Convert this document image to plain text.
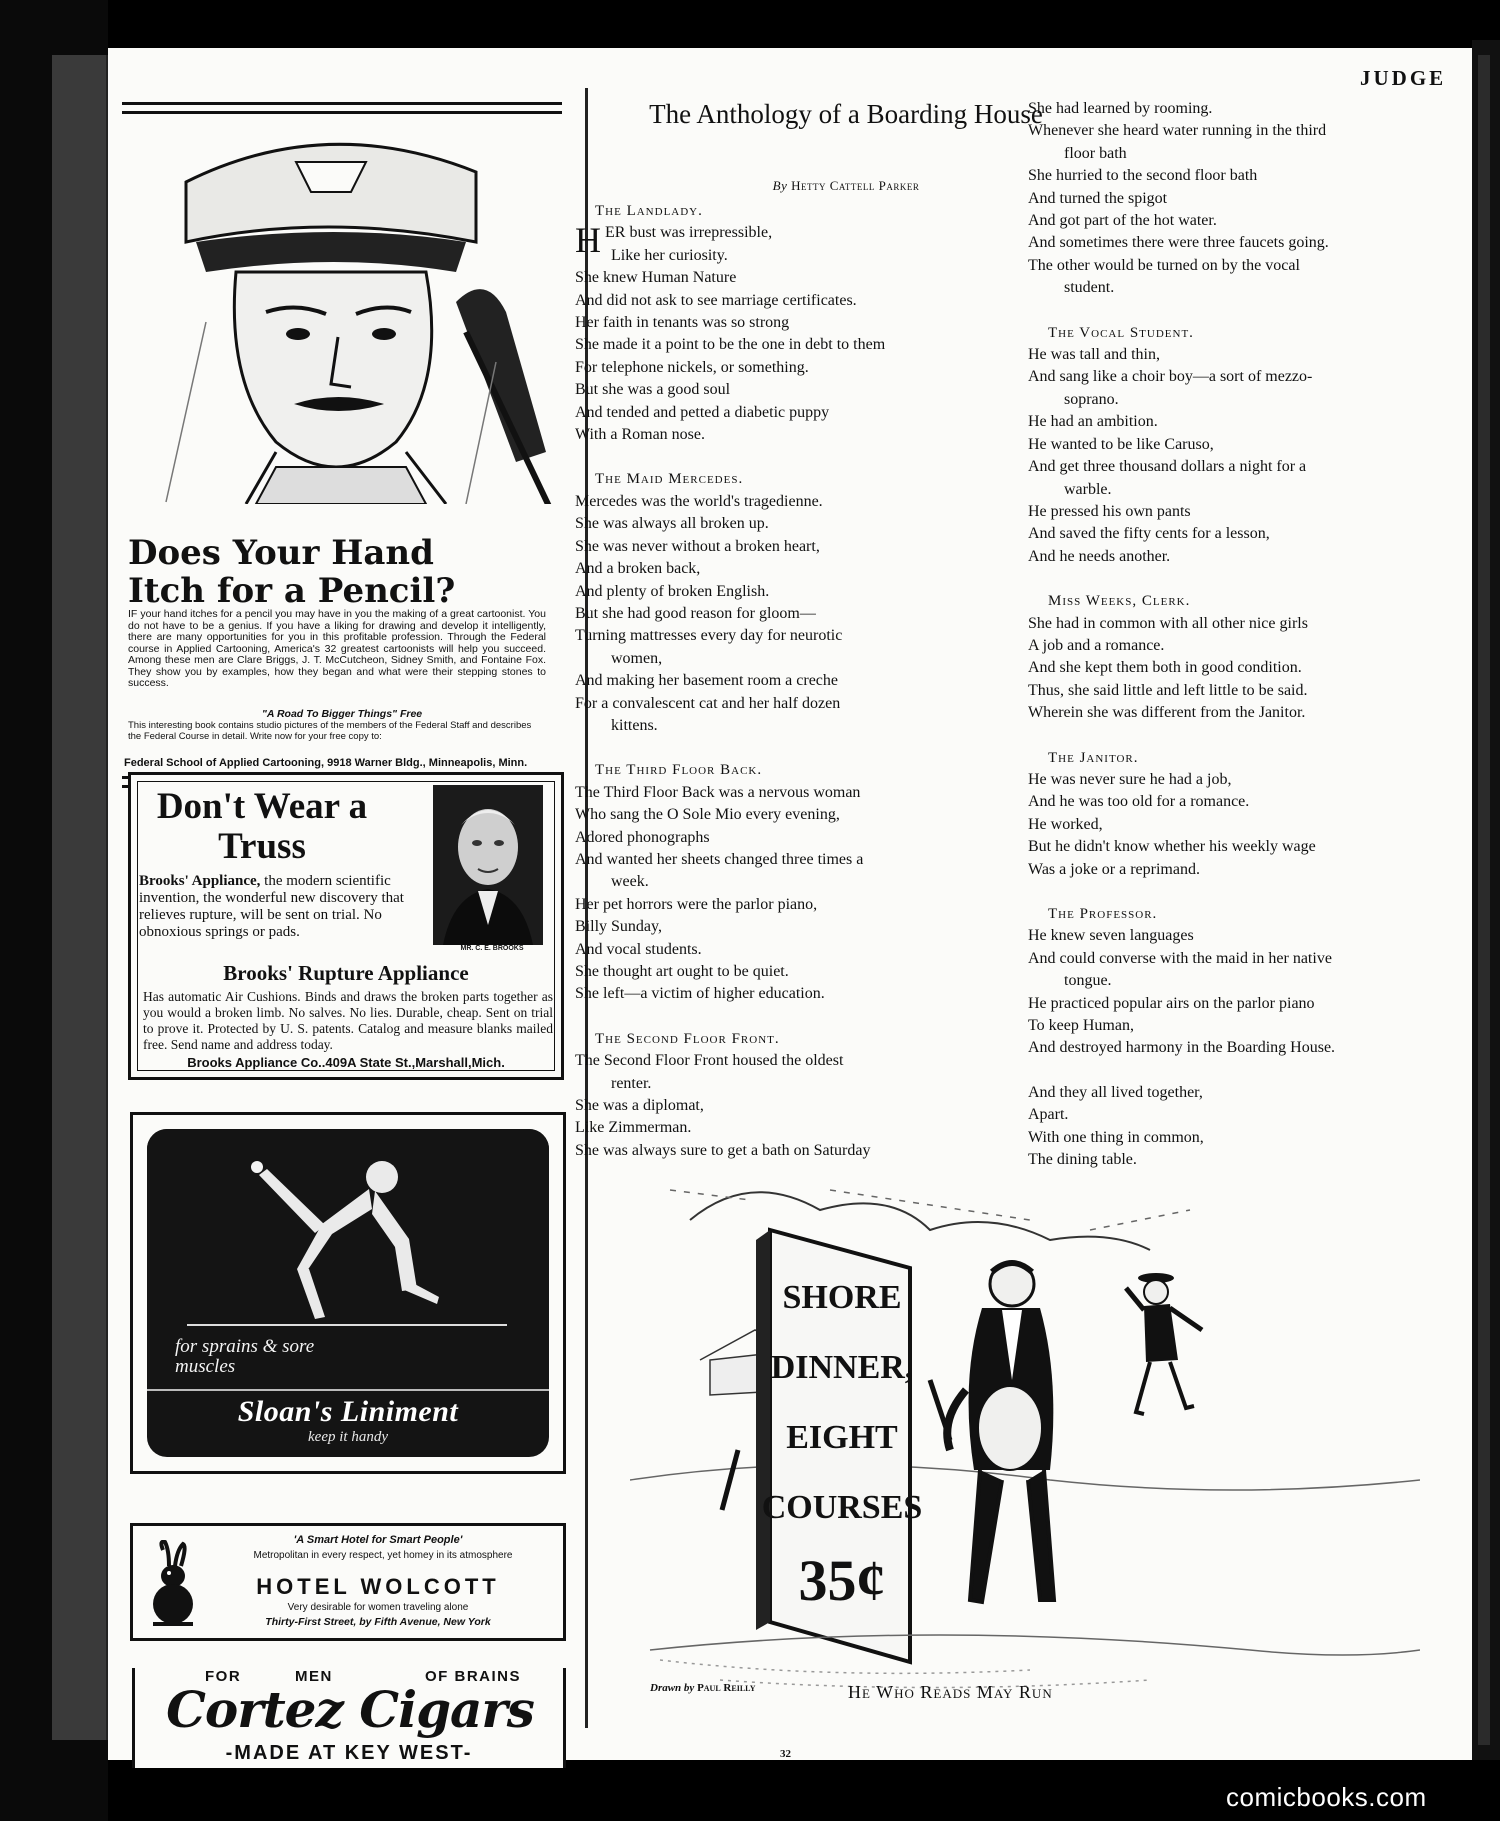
JUDGE
Does Your Hand Itch for a Pencil?
IF your hand itches for a pencil you may have in you the making of a great cartoonist. You do not have to be a genius. If you have a liking for drawing and develop it intelligently, there are many opportunities for you in this profitable profession. Through the Federal course in Applied Cartooning, America's 32 greatest cartoonists will help you succeed. Among these men are Clare Briggs, J. T. McCutcheon, Sidney Smith, and Fontaine Fox. They show you by examples, how they began and what were their stepping stones to success.
"A Road To Bigger Things" Free
This interesting book contains studio pictures of the members of the Federal Staff and describes the Federal Course in detail. Write now for your free copy to:
Federal School of Applied Cartooning, 9918 Warner Bldg., Minneapolis, Minn.
Don't Wear a Truss
MR. C. E. BROOKS
Brooks' Appliance, the modern scientific invention, the wonderful new discovery that relieves rupture, will be sent on trial. No obnoxious springs or pads.
Brooks' Rupture Appliance
Has automatic Air Cushions. Binds and draws the broken parts together as you would a broken limb. No salves. No lies. Durable, cheap. Sent on trial to prove it. Protected by U. S. patents. Catalog and measure blanks mailed free. Send name and address today.
Brooks Appliance Co..409A State St.,Marshall,Mich.
for sprains & sore muscles
Sloan's Liniment
keep it handy
'A Smart Hotel for Smart People'
Metropolitan in every respect, yet homey in its atmosphere
HOTEL WOLCOTT
Very desirable for women traveling alone
Thirty-First Street, by Fifth Avenue, New York
FOR	MEN	OF BRAINS
Cortez Cigars
-MADE AT KEY WEST-
The Anthology of a Boarding House
By Hetty Cattell Parker
The Landlady.
HER bust was irrepressible,
Like her curiosity.
She knew Human Nature
And did not ask to see marriage certificates.
Her faith in tenants was so strong
She made it a point to be the one in debt to them
For telephone nickels, or something.
But she was a good soul
And tended and petted a diabetic puppy
With a Roman nose.
The Maid Mercedes.
Mercedes was the world's tragedienne.
She was always all broken up.
She was never without a broken heart,
And a broken back,
And plenty of broken English.
But she had good reason for gloom—
Turning mattresses every day for neurotic
women,
And making her basement room a creche
For a convalescent cat and her half dozen
kittens.
The Third Floor Back.
The Third Floor Back was a nervous woman
Who sang the O Sole Mio every evening,
Adored phonographs
And wanted her sheets changed three times a
week.
Her pet horrors were the parlor piano,
Billy Sunday,
And vocal students.
She thought art ought to be quiet.
She left—a victim of higher education.
The Second Floor Front.
The Second Floor Front housed the oldest
renter.
She was a diplomat,
Like Zimmerman.
She was always sure to get a bath on Saturday
She had learned by rooming.
Whenever she heard water running in the third
floor bath
She hurried to the second floor bath
And turned the spigot
And got part of the hot water.
And sometimes there were three faucets going.
The other would be turned on by the vocal
student.
The Vocal Student.
He was tall and thin,
And sang like a choir boy—a sort of mezzo-
soprano.
He had an ambition.
He wanted to be like Caruso,
And get three thousand dollars a night for a
warble.
He pressed his own pants
And saved the fifty cents for a lesson,
And he needs another.
Miss Weeks, Clerk.
She had in common with all other nice girls
A job and a romance.
And she kept them both in good condition.
Thus, she said little and left little to be said.
Wherein she was different from the Janitor.
The Janitor.
He was never sure he had a job,
And he was too old for a romance.
He worked,
But he didn't know whether his weekly wage
Was a joke or a reprimand.
The Professor.
He knew seven languages
And could converse with the maid in her native
tongue.
He practiced popular airs on the parlor piano
To keep Human,
And destroyed harmony in the Boarding House.
And they all lived together,
Apart.
With one thing in common,
The dining table.
SHORE
DINNER,
EIGHT
COURSES
35¢
Drawn by Paul Reilly	He Who Reads May Run
32
comicbooks.com
